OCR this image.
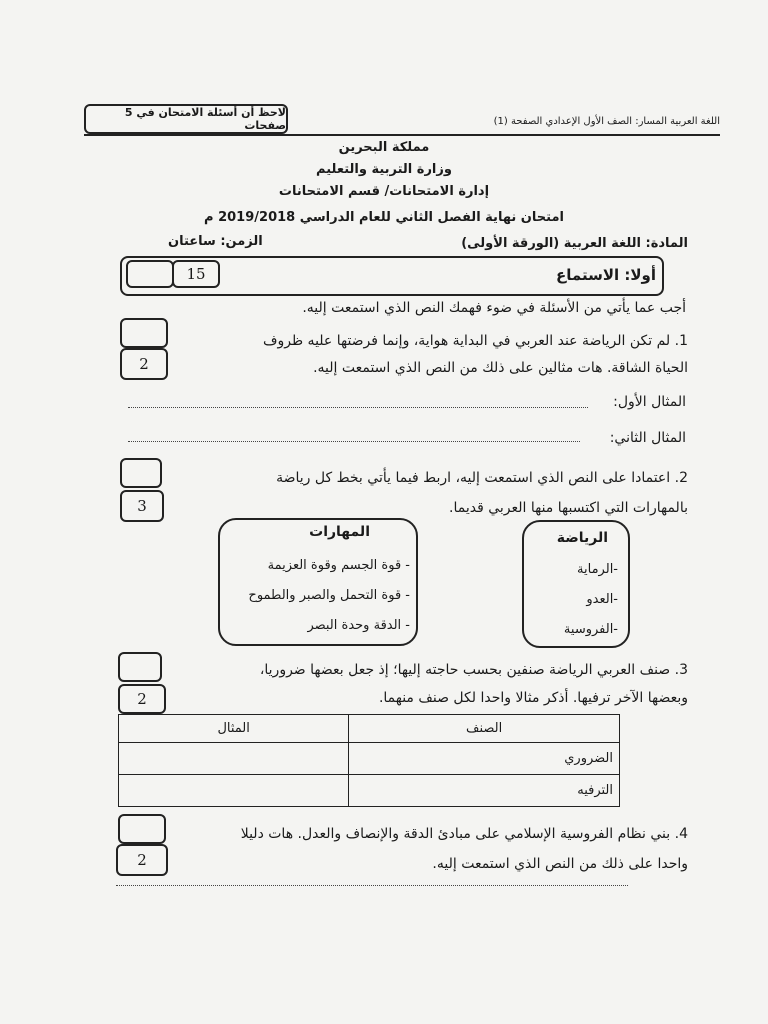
لاحظ أن أسئلة الامتحان في 5 صفحات	اللغة العربية المسار: الصف الأول الإعدادي الصفحة (1)
مملكة البحرين
وزارة التربية والتعليم
إدارة الامتحانات/ قسم الامتحانات
امتحان نهاية الفصل الثاني للعام الدراسي 2019/2018 م
المادة: اللغة العربية (الورقة الأولى)
الزمن: ساعتان
أولا: الاستماع
15
أجب عما يأتي من الأسئلة في ضوء فهمك النص الذي استمعت إليه.
2
1. لم تكن الرياضة عند العربي في البداية هواية، وإنما فرضتها عليه ظروف
الحياة الشاقة. هات مثالين على ذلك من النص الذي استمعت إليه.
المثال الأول:
المثال الثاني:
3
2. اعتمادا على النص الذي استمعت إليه، اربط فيما يأتي بخط كل رياضة
بالمهارات التي اكتسبها منها العربي قديما.
المهارات
- قوة الجسم وقوة العزيمة
- قوة التحمل والصبر والطموح
- الدقة وحدة البصر
الرياضة
-الرماية
-العدو
-الفروسية
2
3. صنف العربي الرياضة صنفين بحسب حاجته إليها؛ إذ جعل بعضها ضروريا،
وبعضها الآخر ترفيها. أذكر مثالا واحدا لكل صنف منهما.
المثال	الصنف
	الضروري
	الترفيه
2
4. بني نظام الفروسية الإسلامي على مبادئ الدقة والإنصاف والعدل. هات دليلا
واحدا على ذلك من النص الذي استمعت إليه.
